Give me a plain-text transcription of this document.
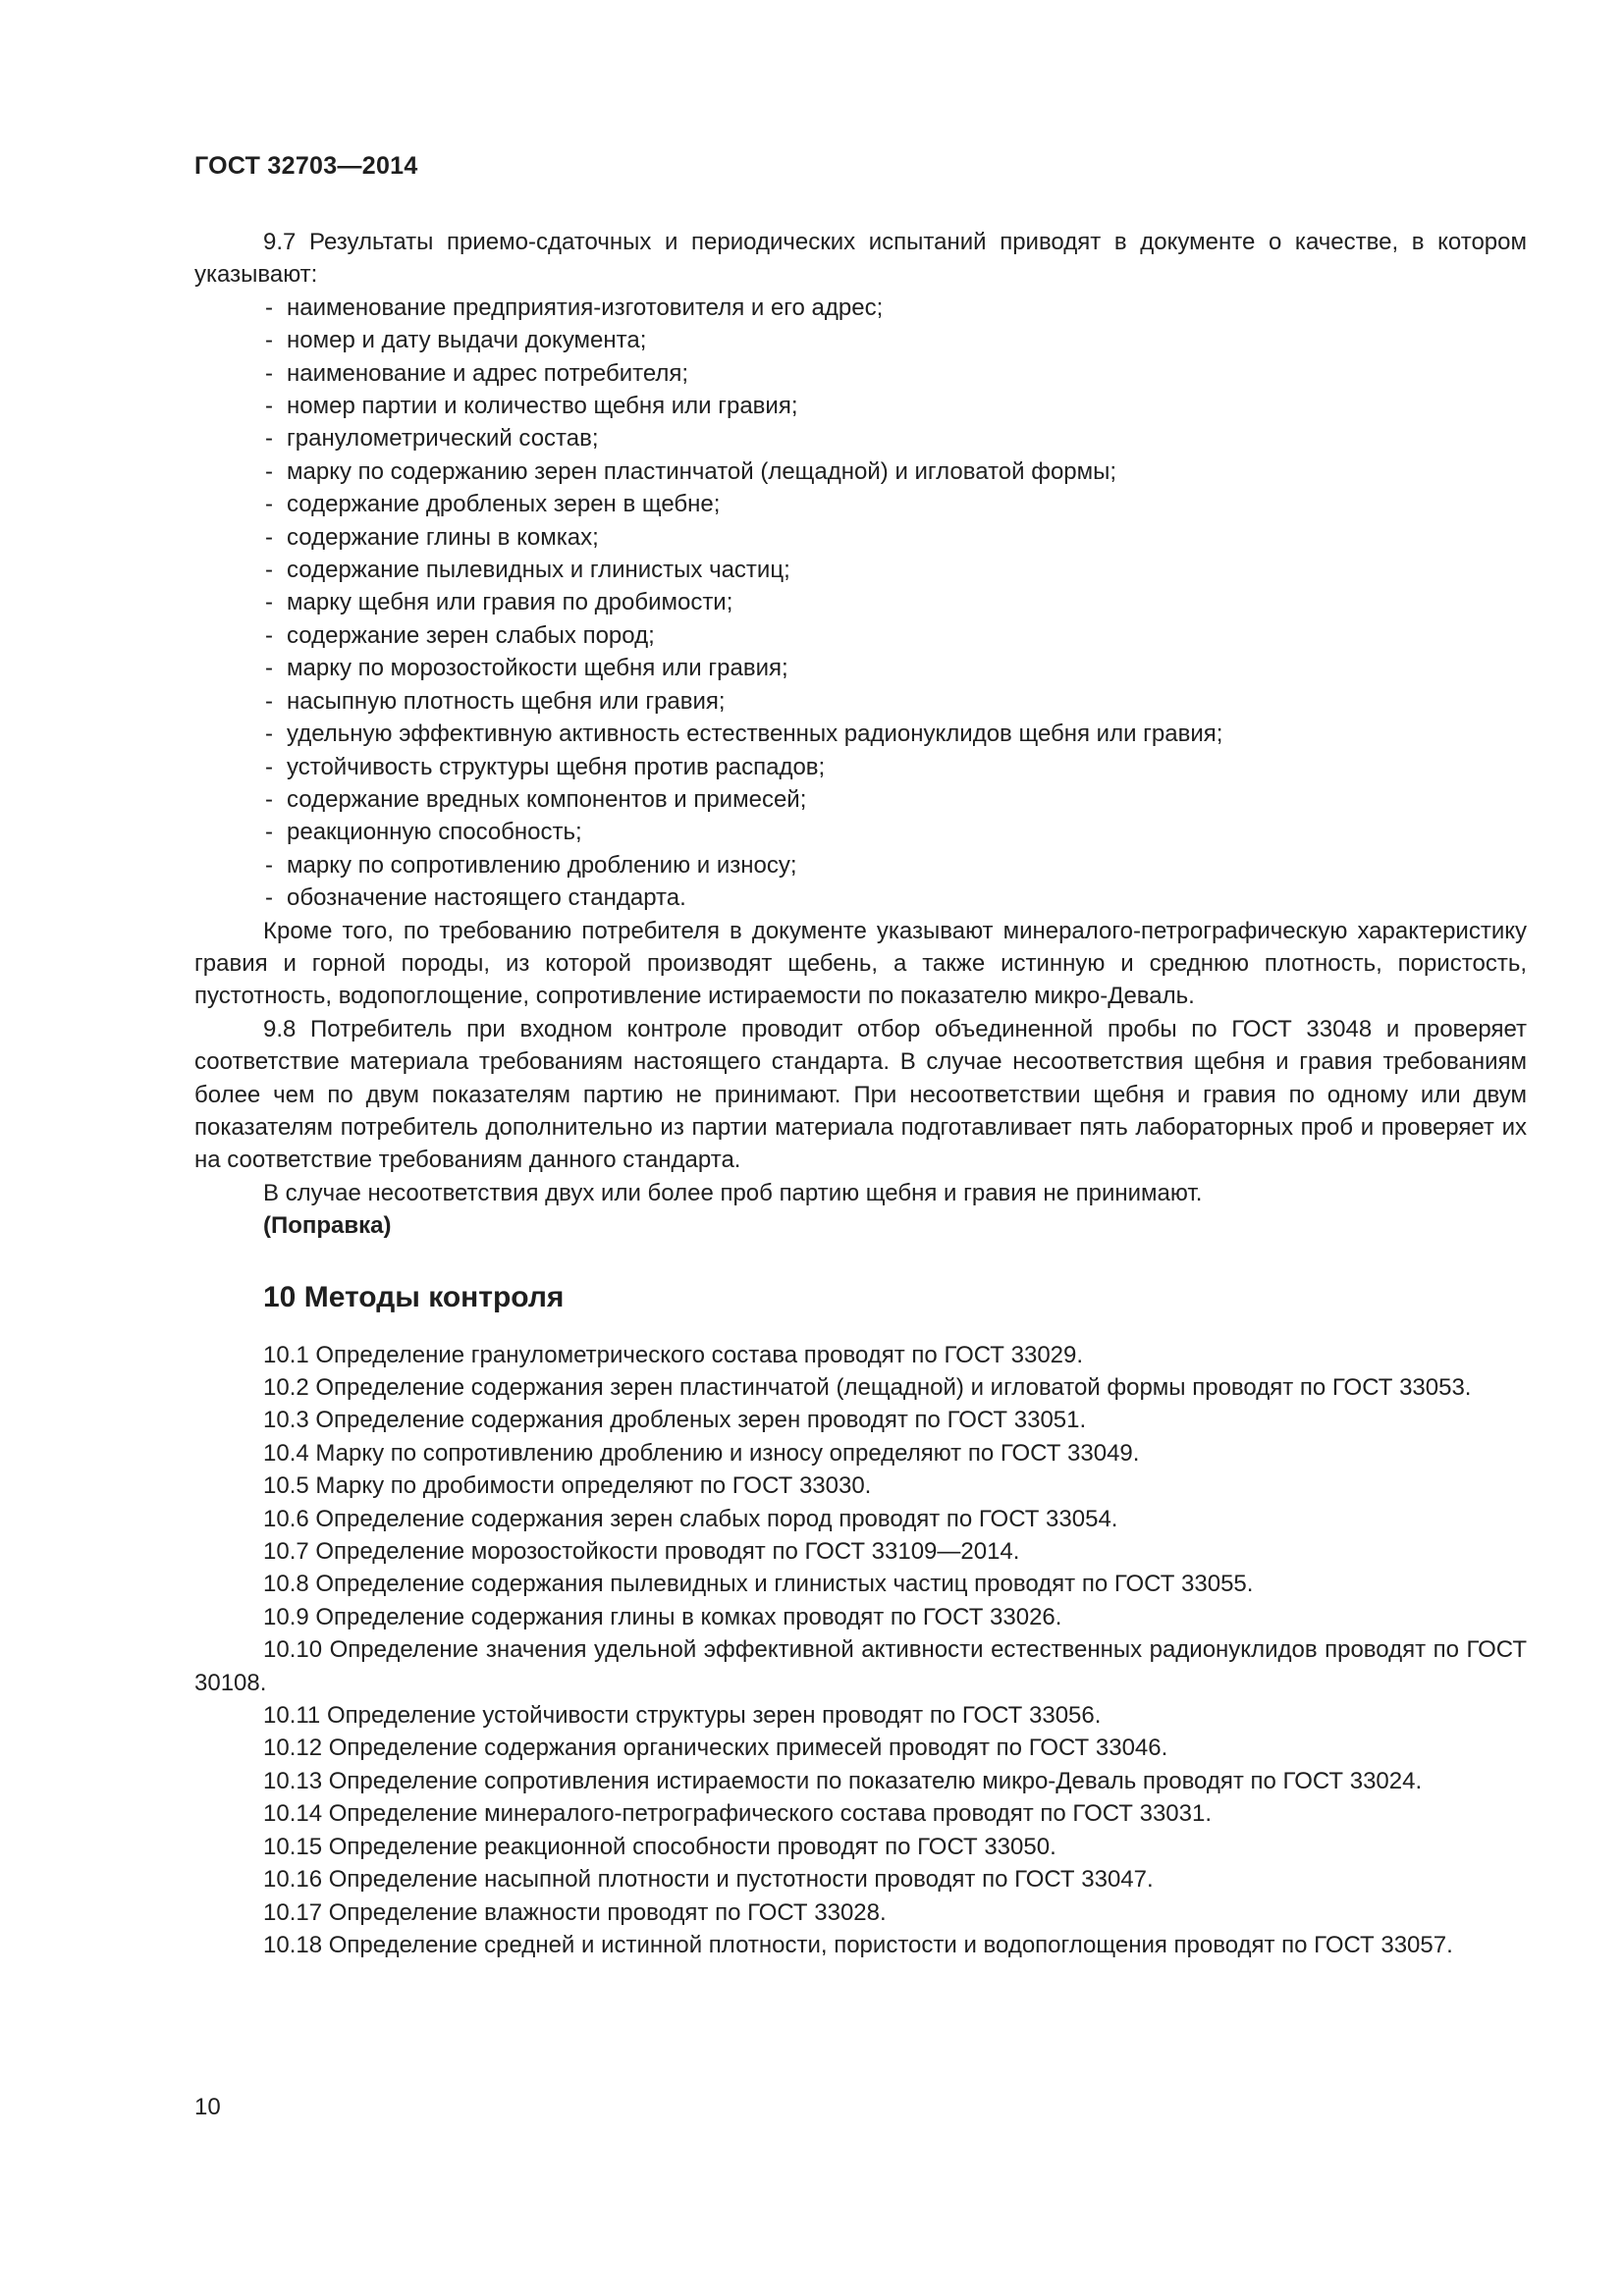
ГОСТ 32703—2014

9.7 Результаты приемо-сдаточных и периодических испытаний приводят в документе о качестве, в котором указывают:

- наименование предприятия-изготовителя и его адрес;
- номер и дату выдачи документа;
- наименование и адрес потребителя;
- номер партии и количество щебня или гравия;
- гранулометрический состав;
- марку по содержанию зерен пластинчатой (лещадной) и игловатой формы;
- содержание дробленых зерен в щебне;
- содержание глины в комках;
- содержание пылевидных и глинистых частиц;
- марку щебня или гравия по дробимости;
- содержание зерен слабых пород;
- марку по морозостойкости щебня или гравия;
- насыпную плотность щебня или гравия;
- удельную эффективную активность естественных радионуклидов щебня или гравия;
- устойчивость структуры щебня против распадов;
- содержание вредных компонентов и примесей;
- реакционную способность;
- марку по сопротивлению дроблению и износу;
- обозначение настоящего стандарта.

Кроме того, по требованию потребителя в документе указывают минералого-петрографическую характеристику гравия и горной породы, из которой производят щебень, а также истинную и среднюю плотность, пористость, пустотность, водопоглощение, сопротивление истираемости по показателю микро-Деваль.

9.8 Потребитель при входном контроле проводит отбор объединенной пробы по ГОСТ 33048 и проверяет соответствие материала требованиям настоящего стандарта. В случае несоответствия щебня и гравия требованиям более чем по двум показателям партию не принимают. При несоответствии щебня и гравия по одному или двум показателям потребитель дополнительно из партии материала подготавливает пять лабораторных проб и проверяет их на соответствие требованиям данного стандарта.

В случае несоответствия двух или более проб партию щебня и гравия не принимают.

(Поправка)

10 Методы контроля

10.1 Определение гранулометрического состава проводят по ГОСТ 33029.

10.2 Определение содержания зерен пластинчатой (лещадной) и игловатой формы проводят по ГОСТ 33053.

10.3 Определение содержания дробленых зерен проводят по ГОСТ 33051.

10.4 Марку по сопротивлению дроблению и износу определяют по ГОСТ 33049.

10.5 Марку по дробимости определяют по ГОСТ 33030.

10.6 Определение содержания зерен слабых пород проводят по ГОСТ 33054.

10.7 Определение морозостойкости проводят по ГОСТ 33109—2014.

10.8 Определение содержания пылевидных и глинистых частиц проводят по ГОСТ 33055.

10.9 Определение содержания глины в комках проводят по ГОСТ 33026.

10.10 Определение значения удельной эффективной активности естественных радионуклидов проводят по ГОСТ 30108.

10.11 Определение устойчивости структуры зерен проводят по ГОСТ 33056.

10.12 Определение содержания органических примесей проводят по ГОСТ 33046.

10.13 Определение сопротивления истираемости по показателю микро-Деваль проводят по ГОСТ 33024.

10.14 Определение минералого-петрографического состава проводят по ГОСТ 33031.

10.15 Определение реакционной способности проводят по ГОСТ 33050.

10.16 Определение насыпной плотности и пустотности проводят по ГОСТ 33047.

10.17 Определение влажности проводят по ГОСТ 33028.

10.18 Определение средней и истинной плотности, пористости и водопоглощения проводят по ГОСТ 33057.

10
